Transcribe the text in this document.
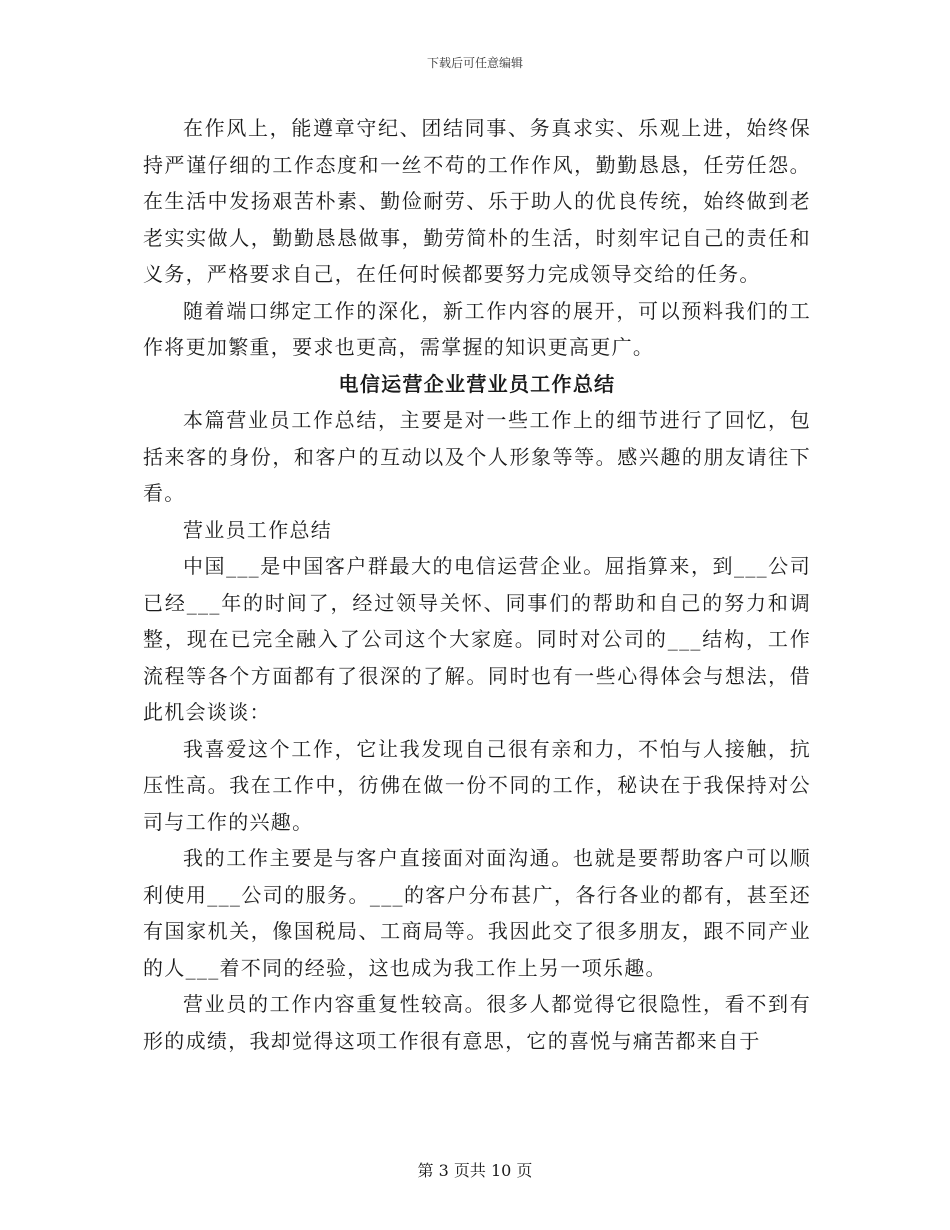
下载后可任意编辑

在作风上，能遵章守纪、团结同事、务真求实、乐观上进，始终保持严谨仔细的工作态度和一丝不苟的工作作风，勤勤恳恳，任劳任怨。在生活中发扬艰苦朴素、勤俭耐劳、乐于助人的优良传统，始终做到老老实实做人，勤勤恳恳做事，勤劳简朴的生活，时刻牢记自己的责任和义务，严格要求自己，在任何时候都要努力完成领导交给的任务。

随着端口绑定工作的深化，新工作内容的展开，可以预料我们的工作将更加繁重，要求也更高，需掌握的知识更高更广。

电信运营企业营业员工作总结

本篇营业员工作总结，主要是对一些工作上的细节进行了回忆，包括来客的身份，和客户的互动以及个人形象等等。感兴趣的朋友请往下看。

营业员工作总结

中国___是中国客户群最大的电信运营企业。屈指算来，到___公司已经___年的时间了，经过领导关怀、同事们的帮助和自己的努力和调整，现在已完全融入了公司这个大家庭。同时对公司的___结构，工作流程等各个方面都有了很深的了解。同时也有一些心得体会与想法，借此机会谈谈：

我喜爱这个工作，它让我发现自己很有亲和力，不怕与人接触，抗压性高。我在工作中，彷佛在做一份不同的工作，秘诀在于我保持对公司与工作的兴趣。

我的工作主要是与客户直接面对面沟通。也就是要帮助客户可以顺利使用___公司的服务。___的客户分布甚广，各行各业的都有，甚至还有国家机关，像国税局、工商局等。我因此交了很多朋友，跟不同产业的人___着不同的经验，这也成为我工作上另一项乐趣。

营业员的工作内容重复性较高。很多人都觉得它很隐性，看不到有形的成绩，我却觉得这项工作很有意思，它的喜悦与痛苦都来自于

第 3 页共 10 页
